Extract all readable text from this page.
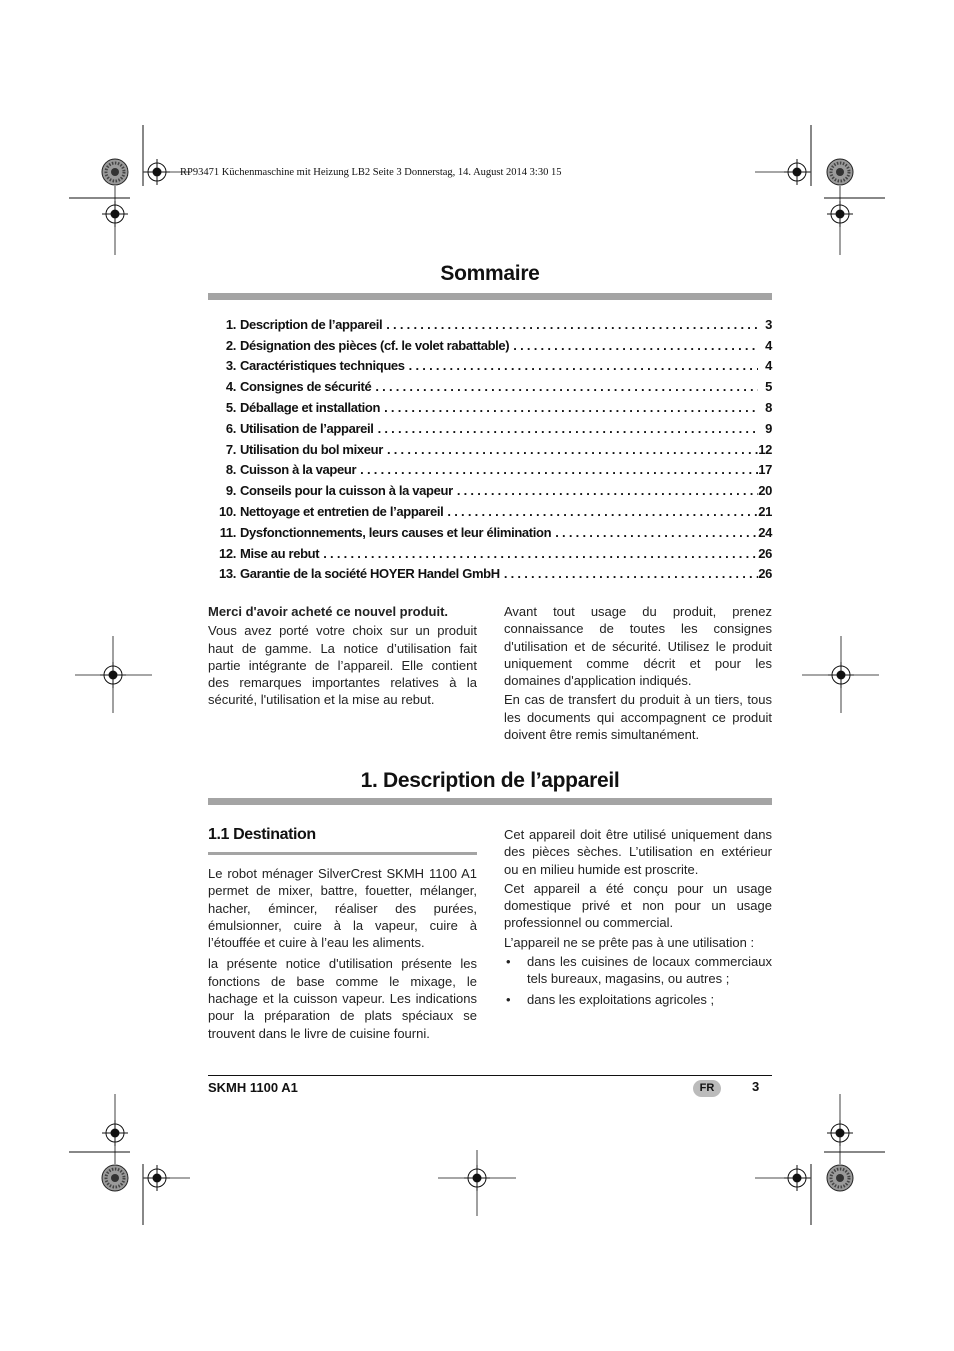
RP93471 Küchenmaschine mit Heizung LB2 Seite 3 Donnerstag, 14. August 2014 3:30 15
Sommaire
1. Description de l’appareil .....	3
2. Désignation des pièces (cf. le volet rabattable) .....	4
3. Caractéristiques techniques .....	4
4. Consignes de sécurité .....	5
5. Déballage et installation .....	8
6. Utilisation de l’appareil .....	9
7. Utilisation du bol mixeur .....	12
8. Cuisson à la vapeur .....	17
9. Conseils pour la cuisson à la vapeur .....	20
10. Nettoyage et entretien de l’appareil .....	21
11. Dysfonctionnements, leurs causes et leur élimination .....	24
12. Mise au rebut .....	26
13. Garantie de la société HOYER Handel GmbH .....	26

Merci d'avoir acheté ce nouvel produit.

Vous avez porté votre choix sur un produit haut de gamme. La notice d’utilisation fait partie intégrante de l’appareil. Elle contient des remarques importantes relatives à la sécurité, l'utilisation et la mise au rebut.

Avant tout usage du produit, prenez connaissance de toutes les consignes d'utilisation et de sécurité. Utilisez le produit uniquement comme décrit et pour les domaines d'application indiqués.

En cas de transfert du produit à un tiers, tous les documents qui accompagnent ce produit doivent être remis simultanément.

1. Description de l’appareil
1.1 Destination

Le robot ménager SilverCrest SKMH 1100 A1 permet de mixer, battre, fouetter, mélanger, hacher, émincer, réaliser des purées, émulsionner, cuire à la vapeur, cuire à l’étouffée et cuire à l’eau les aliments.

la présente notice d'utilisation présente les fonctions de base comme le mixage, le hachage et la cuisson vapeur. Les indications pour la préparation de plats spéciaux se trouvent dans le livre de cuisine fourni.

Cet appareil doit être utilisé uniquement dans des pièces sèches. L’utilisation en extérieur ou en milieu humide est proscrite.

Cet appareil a été conçu pour un usage domestique privé et non pour un usage professionnel ou commercial.

L’appareil ne se prête pas à une utilisation :

• dans les cuisines de locaux commerciaux tels bureaux, magasins, ou autres ;
• dans les exploitations agricoles ;
SKMH 1100 A1	FR	3
